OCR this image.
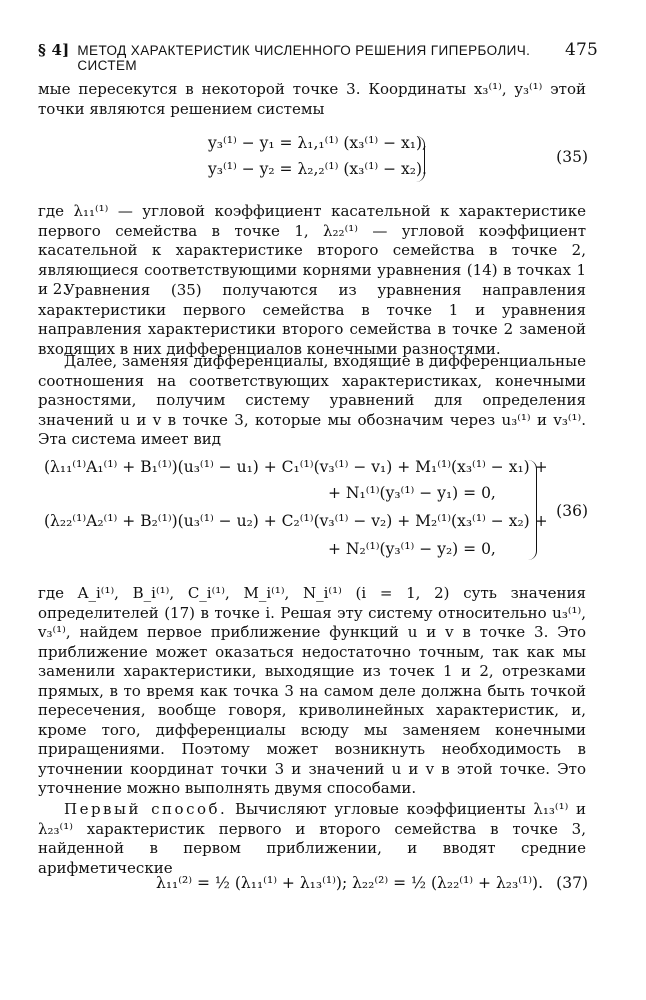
§ 4] МЕТОД ХАРАКТЕРИСТИК ЧИСЛЕННОГО РЕШЕНИЯ ГИПЕРБОЛИЧ. СИСТЕМ
475

мые пересекутся в некоторой точке 3. Координаты x₃⁽¹⁾, y₃⁽¹⁾ этой точки являются решением системы

y₃⁽¹⁾ − y₁ = λ₁,₁⁽¹⁾ (x₃⁽¹⁾ − x₁),
y₃⁽¹⁾ − y₂ = λ₂,₂⁽¹⁾ (x₃⁽¹⁾ − x₂).
(35)

где λ₁₁⁽¹⁾ — угловой коэффициент касательной к характеристике первого семейства в точке 1, λ₂₂⁽¹⁾ — угловой коэффициент касательной к характеристике второго семейства в точке 2, являющиеся соответствующими корнями уравнения (14) в точках 1 и 2.

Уравнения (35) получаются из уравнения направления характеристики первого семейства в точке 1 и уравнения направления характеристики второго семейства в точке 2 заменой входящих в них дифференциалов конечными разностями.

Далее, заменяя дифференциалы, входящие в дифференциальные соотношения на соответствующих характеристиках, конечными разностями, получим систему уравнений для определения значений u и v в точке 3, которые мы обозначим через u₃⁽¹⁾ и v₃⁽¹⁾. Эта система имеет вид

(λ₁₁⁽¹⁾A₁⁽¹⁾ + B₁⁽¹⁾)(u₃⁽¹⁾ − u₁) + C₁⁽¹⁾(v₃⁽¹⁾ − v₁) + M₁⁽¹⁾(x₃⁽¹⁾ − x₁) +
+ N₁⁽¹⁾(y₃⁽¹⁾ − y₁) = 0,
(λ₂₂⁽¹⁾A₂⁽¹⁾ + B₂⁽¹⁾)(u₃⁽¹⁾ − u₂) + C₂⁽¹⁾(v₃⁽¹⁾ − v₂) + M₂⁽¹⁾(x₃⁽¹⁾ − x₂) +
+ N₂⁽¹⁾(y₃⁽¹⁾ − y₂) = 0,
(36)

где A_i⁽¹⁾, B_i⁽¹⁾, C_i⁽¹⁾, M_i⁽¹⁾, N_i⁽¹⁾ (i = 1, 2) суть значения определителей (17) в точке i. Решая эту систему относительно u₃⁽¹⁾, v₃⁽¹⁾, найдем первое приближение функций u и v в точке 3. Это приближение может оказаться недостаточно точным, так как мы заменили характеристики, выходящие из точек 1 и 2, отрезками прямых, в то время как точка 3 на самом деле должна быть точкой пересечения, вообще говоря, криволинейных характеристик, и, кроме того, дифференциалы всюду мы заменяем конечными приращениями. Поэтому может возникнуть необходимость в уточнении координат точки 3 и значений u и v в этой точке. Это уточнение можно выполнять двумя способами.

Первый способ. Вычисляют угловые коэффициенты λ₁₃⁽¹⁾ и λ₂₃⁽¹⁾ характеристик первого и второго семейства в точке 3, найденной в первом приближении, и вводят средние арифметические

λ₁₁⁽²⁾ = ½ (λ₁₁⁽¹⁾ + λ₁₃⁽¹⁾); λ₂₂⁽²⁾ = ½ (λ₂₂⁽¹⁾ + λ₂₃⁽¹⁾). (37)
